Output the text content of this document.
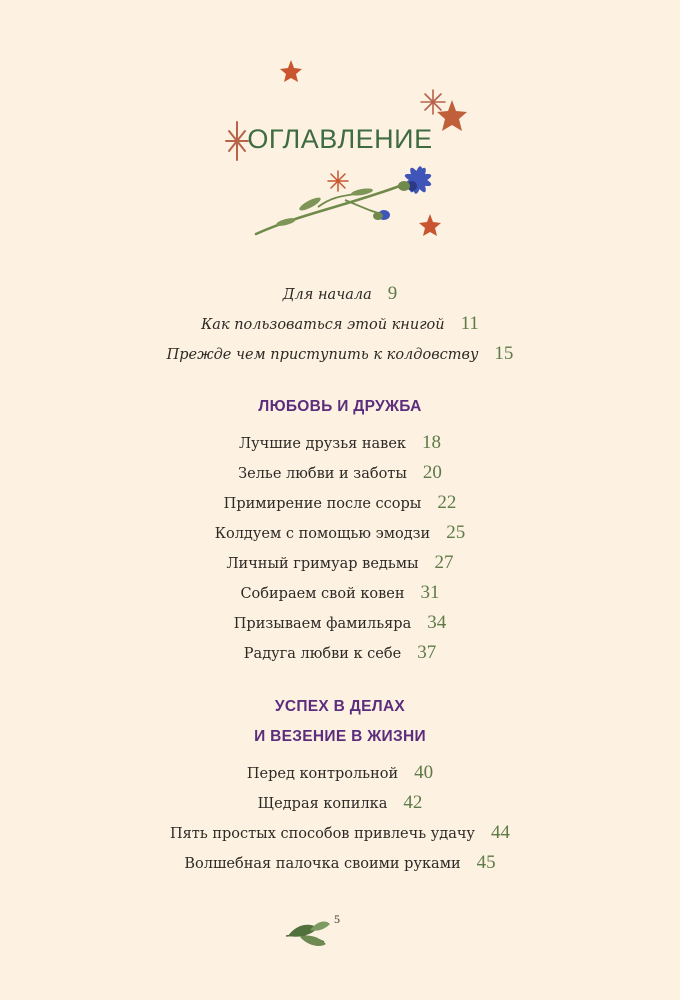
ОГЛАВЛЕНИЕ
Для начала 9
Как пользоваться этой книгой 11
Прежде чем приступить к колдовству 15
ЛЮБОВЬ И ДРУЖБА
Лучшие друзья навек 18
Зелье любви и заботы 20
Примирение после ссоры 22
Колдуем с помощью эмодзи 25
Личный гримуар ведьмы 27
Собираем свой ковен 31
Призываем фамильяра 34
Радуга любви к себе 37
УСПЕХ В ДЕЛАХ
И ВЕЗЕНИЕ В ЖИЗНИ
Перед контрольной 40
Щедрая копилка 42
Пять простых способов привлечь удачу 44
Волшебная палочка своими руками 45
5
